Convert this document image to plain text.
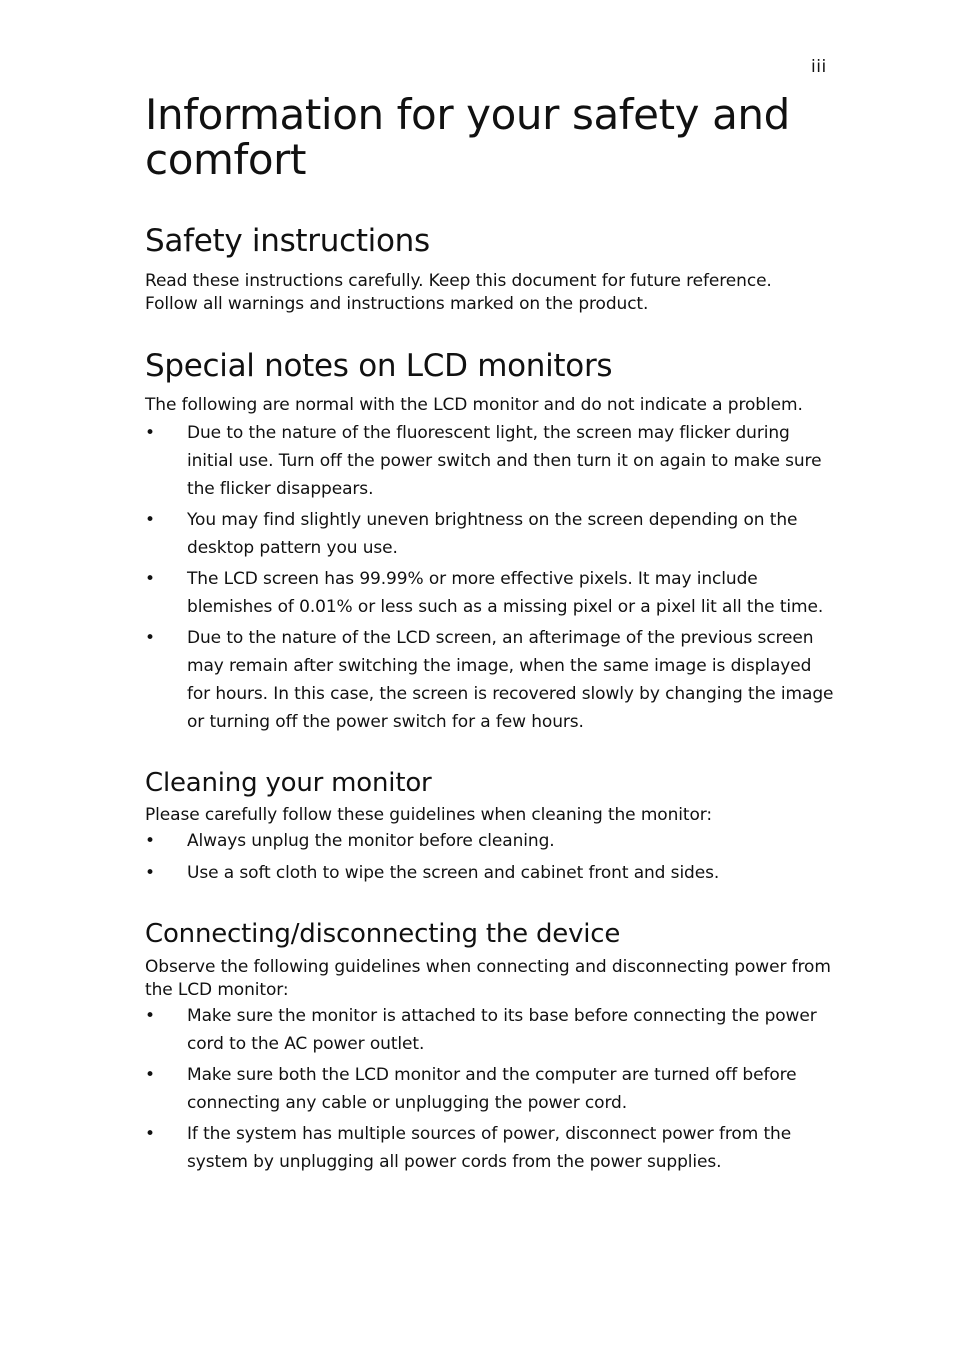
iii
Information for your safety and comfort
Safety instructions

Read these instructions carefully. Keep this document for future reference.
Follow all warnings and instructions marked on the product.

Special notes on LCD monitors

The following are normal with the LCD monitor and do not indicate a problem.

• Due to the nature of the fluorescent light, the screen may flicker during initial use. Turn off the power switch and then turn it on again to make sure the flicker disappears.
• You may find slightly uneven brightness on the screen depending on the desktop pattern you use.
• The LCD screen has 99.99% or more effective pixels. It may include blemishes of 0.01% or less such as a missing pixel or a pixel lit all the time.
• Due to the nature of the LCD screen, an afterimage of the previous screen may remain after switching the image, when the same image is displayed for hours. In this case, the screen is recovered slowly by changing the image or turning off the power switch for a few hours.
Cleaning your monitor

Please carefully follow these guidelines when cleaning the monitor:

• Always unplug the monitor before cleaning.
• Use a soft cloth to wipe the screen and cabinet front and sides.
Connecting/disconnecting the device

Observe the following guidelines when connecting and disconnecting power from the LCD monitor:

• Make sure the monitor is attached to its base before connecting the power cord to the AC power outlet.
• Make sure both the LCD monitor and the computer are turned off before connecting any cable or unplugging the power cord.
• If the system has multiple sources of power, disconnect power from the system by unplugging all power cords from the power supplies.
